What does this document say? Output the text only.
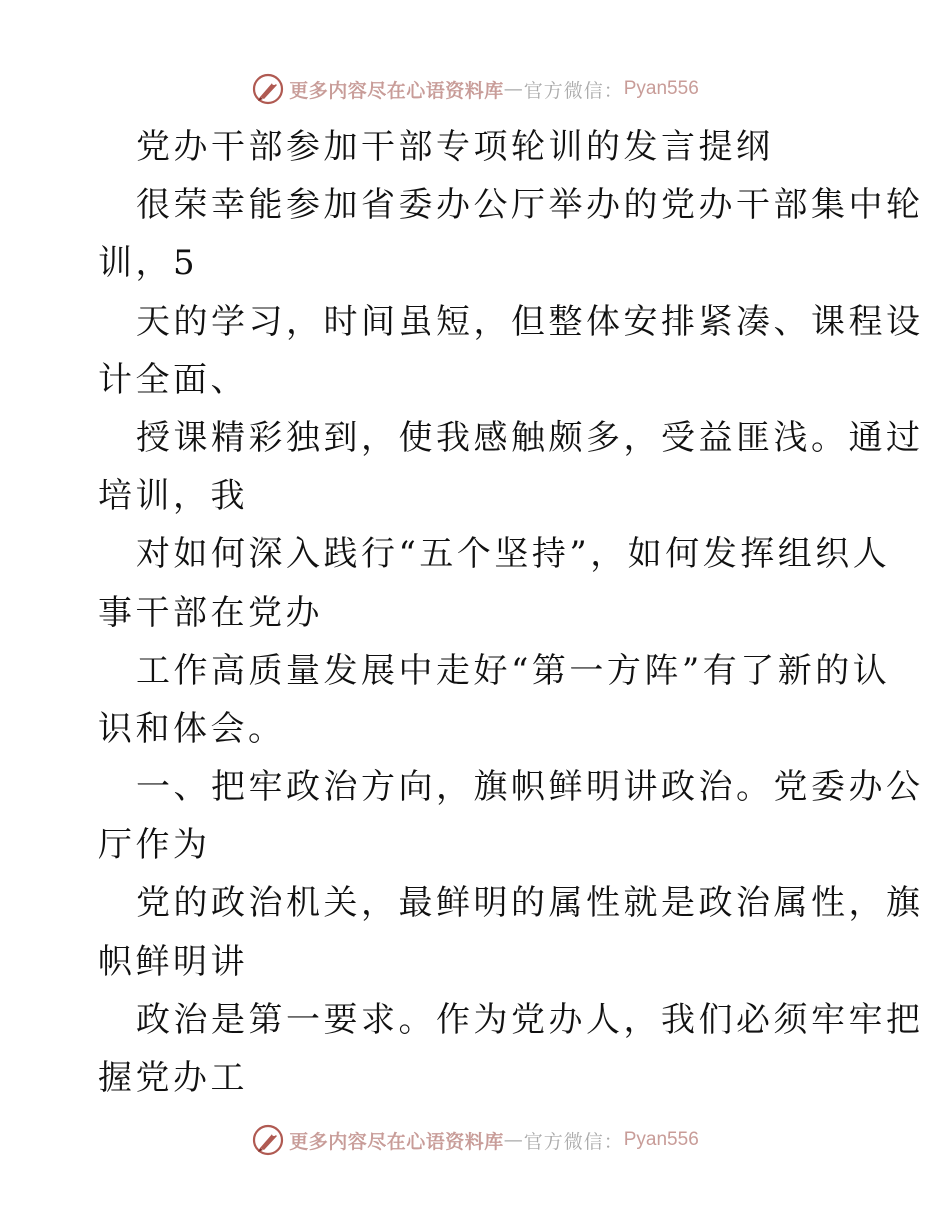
更多内容尽在心语资料库 — 官方微信： Pyan556
党办干部参加干部专项轮训的发言提纲
很荣幸能参加省委办公厅举办的党办干部集中轮
训，5
天的学习，时间虽短，但整体安排紧凑、课程设
计全面、
授课精彩独到，使我感触颇多，受益匪浅。通过
培训，我
对如何深入践行“五个坚持”，如何发挥组织人
事干部在党办
工作高质量发展中走好“第一方阵”有了新的认
识和体会。
一、把牢政治方向，旗帜鲜明讲政治。党委办公
厅作为
党的政治机关，最鲜明的属性就是政治属性，旗
帜鲜明讲
政治是第一要求。作为党办人，我们必须牢牢把
握党办工
更多内容尽在心语资料库 — 官方微信： Pyan556
